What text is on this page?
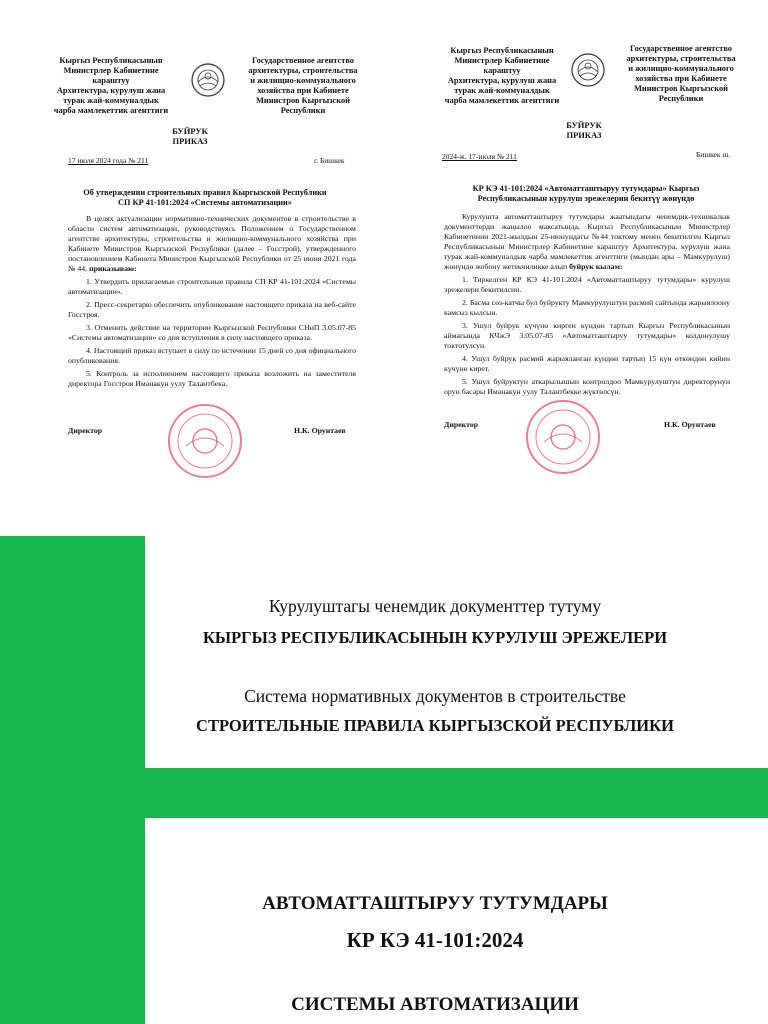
Кыргыз Республикасынын
Министрлер Кабинетине
караштуу
Архитектура, курулуш жана
турак жай-коммуналдык
чарба мамлекеттик агенттиги
Государственное агентство
архитектуры, строительства
и жилищно-коммунального
хозяйства при Кабинете
Министров Кыргызской
Республики
БУЙРУК
ПРИКАЗ
17 июля 2024 года № 211	г. Бишкек
Об утверждении строительных правил Кыргызской Республики
СП КР 41-101:2024 «Системы автоматизации»

В целях актуализации нормативно-технических документов в строительстве в области систем автоматизации, руководствуясь Положением о Государственном агентстве архитектуры, строительства и жилищно-коммунального хозяйства при Кабинете Министров Кыргызской Республики (далее – Госстрой), утвержденного постановлением Кабинета Министров Кыргызской Республики от 25 июня 2021 года № 44, приказываю:

1. Утвердить прилагаемые строительные правила СП КР 41-101:2024 «Системы автоматизации».

2. Пресс-секретарю обеспечить опубликование настоящего приказа на веб-сайте Госстроя.

3. Отменить действие на территории Кыргызской Республики СНиП 3.05.07-85 «Системы автоматизации» со дня вступления в силу настоящего приказа.

4. Настоящий приказ вступает в силу по истечении 15 дней со дня официального опубликования.

5. Контроль за исполнением настоящего приказа возложить на заместителя директора Госстроя Иманакун уулу Талантбека.

Директор	Н.К. Орунтаев
Кыргыз Республикасынын
Министрлер Кабинетине
караштуу
Архитектура, курулуш жана
турак жай-коммуналдык
чарба мамлекеттик агенттиги
Государственное агентство
архитектуры, строительства
и жилищно-коммунального
хозяйства при Кабинете
Министров Кыргызской
Республики
БУЙРУК
ПРИКАЗ
2024-ж. 17-июля № 211	Бишкек ш.
КР КЭ 41-101:2024 «Автоматташтыруу тутумдары» Кыргыз
Республикасынын курулуш эрежелерин бекитүү жөнүндө

Курулушта автоматташтыруу тутумдары жаатындагы ченемдик-техникалык документтерди жаңылоо максатында, Кыргыз Республикасынын Министрлер Кабинетинин 2021-жылдын 25-июнундагы №44 токтому менен бекитилген Кыргыз Республикасынын Министрлер Кабинетине караштуу Архитектура, курулуш жана турак жай-коммуналдык чарба мамлекеттик агенттиги (мындан ары – Мамкурулуш) жөнүндө жобону жетекчиликке алып буйрук кылам:

1. Тиркелген КР КЭ 41-101:2024 «Автоматташтыруу тутумдары» курулуш эрежелери бекитилсин.

2. Басма сөз-катчы бул буйрукту Мамкурулуштун расмий сайтында жарыялоону камсыз кылсын.

3. Ушул буйрук күчүнө кирген күндөн тартып Кыргыз Республикасынын аймагында КЧжЭ 3.05.07-85 «Автоматташтыруу тутумдары» колдонулушу токтотулсун.

4. Ушул буйрук расмий жарыяланган күндөн тартып 15 күн өткөндөн кийин күчүнө кирет.

5. Ушул буйруктун аткарылышын контролдоо Мамкурулуштун директорунун орун басары Иманакун уулу Талантбекке жүктөлсүн.

Директор	Н.К. Орунтаев
Курулуштагы ченемдик документтер тутуму
КЫРГЫЗ РЕСПУБЛИКАСЫНЫН КУРУЛУШ ЭРЕЖЕЛЕРИ
Система нормативных документов в строительстве
СТРОИТЕЛЬНЫЕ ПРАВИЛА КЫРГЫЗСКОЙ РЕСПУБЛИКИ
АВТОМАТТАШТЫРУУ ТУТУМДАРЫ
КР КЭ 41-101:2024
СИСТЕМЫ АВТОМАТИЗАЦИИ
